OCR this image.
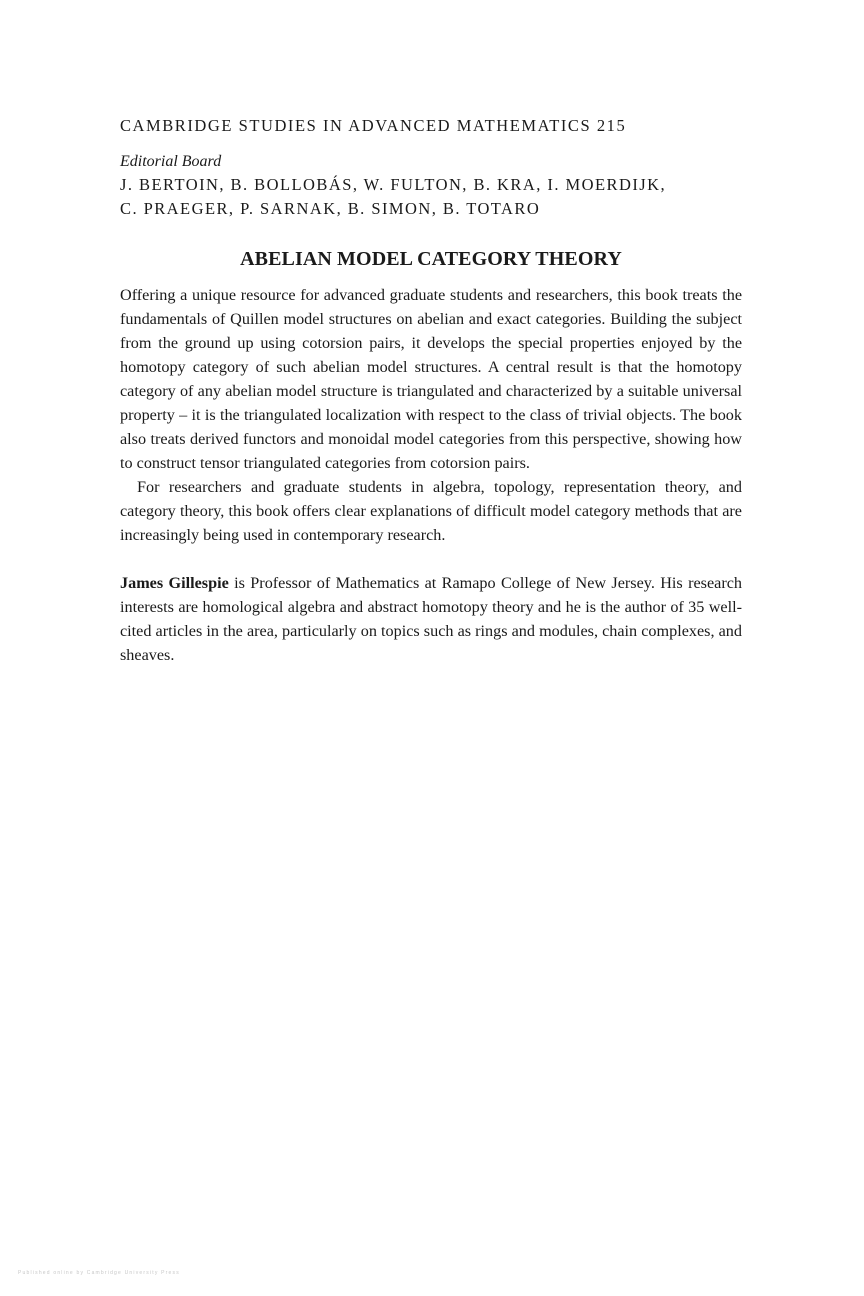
CAMBRIDGE STUDIES IN ADVANCED MATHEMATICS 215

Editorial Board

J. BERTOIN, B. BOLLOBÁS, W. FULTON, B. KRA, I. MOERDIJK,
C. PRAEGER, P. SARNAK, B. SIMON, B. TOTARO

ABELIAN MODEL CATEGORY THEORY

Offering a unique resource for advanced graduate students and researchers, this book treats the fundamentals of Quillen model structures on abelian and exact categories. Building the subject from the ground up using cotorsion pairs, it develops the special properties enjoyed by the homotopy category of such abelian model structures. A central result is that the homotopy category of any abelian model structure is triangulated and characterized by a suitable universal property – it is the triangulated localization with respect to the class of trivial objects. The book also treats derived functors and monoidal model categories from this perspective, showing how to construct tensor triangulated categories from cotorsion pairs.

For researchers and graduate students in algebra, topology, representation theory, and category theory, this book offers clear explanations of difficult model category methods that are increasingly being used in contemporary research.

James Gillespie is Professor of Mathematics at Ramapo College of New Jersey. His research interests are homological algebra and abstract homotopy theory and he is the author of 35 well-cited articles in the area, particularly on topics such as rings and modules, chain complexes, and sheaves.

Published online by Cambridge University Press
